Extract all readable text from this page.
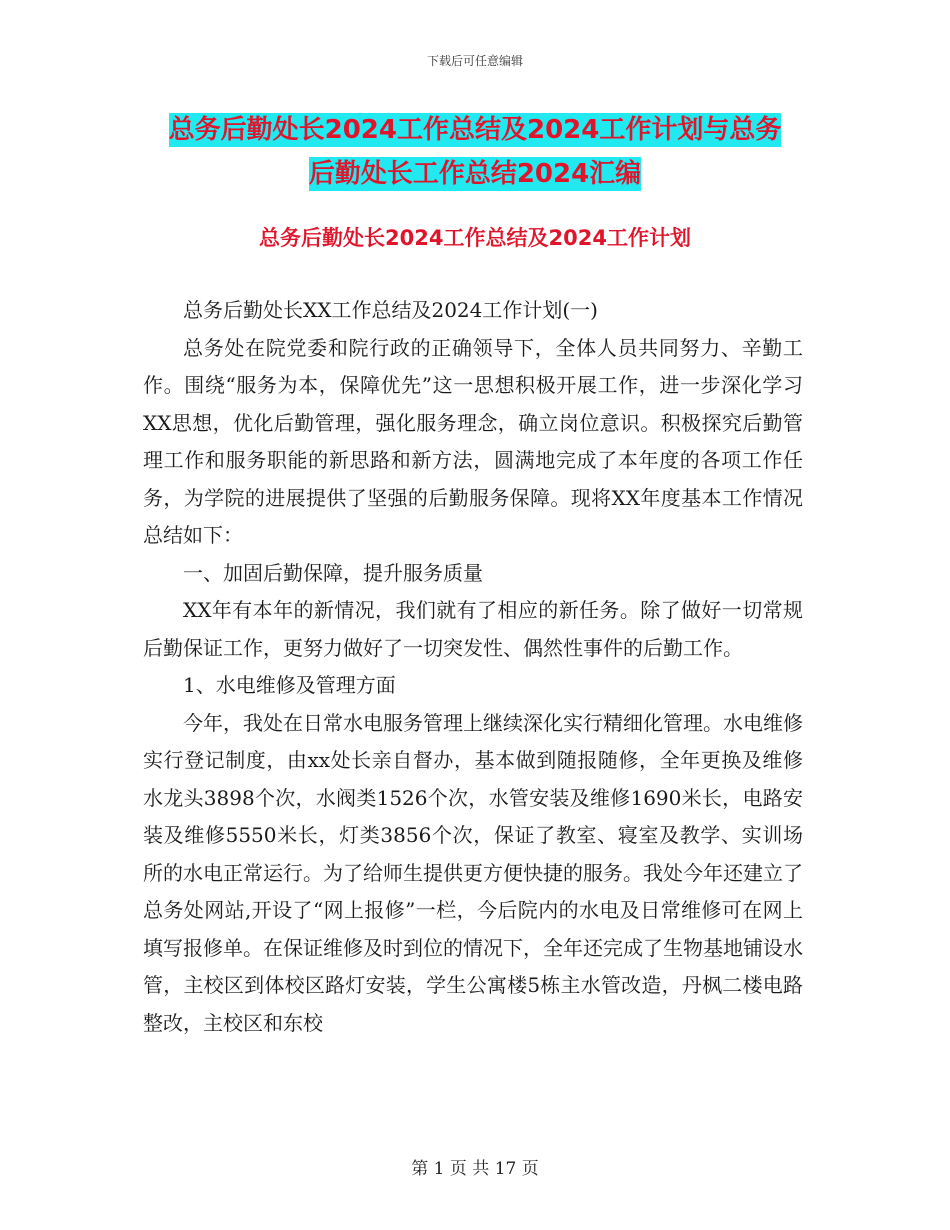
下载后可任意编辑
总务后勤处长2024工作总结及2024工作计划与总务
后勤处长工作总结2024汇编
总务后勤处长2024工作总结及2024工作计划

总务后勤处长XX工作总结及2024工作计划(一)

总务处在院党委和院行政的正确领导下，全体人员共同努力、辛勤工作。围绕“服务为本，保障优先”这一思想积极开展工作，进一步深化学习XX思想，优化后勤管理，强化服务理念，确立岗位意识。积极探究后勤管理工作和服务职能的新思路和新方法，圆满地完成了本年度的各项工作任务，为学院的进展提供了坚强的后勤服务保障。现将XX年度基本工作情况总结如下：

一、加固后勤保障，提升服务质量

XX年有本年的新情况，我们就有了相应的新任务。除了做好一切常规后勤保证工作，更努力做好了一切突发性、偶然性事件的后勤工作。

1、水电维修及管理方面

今年，我处在日常水电服务管理上继续深化实行精细化管理。水电维修实行登记制度，由xx处长亲自督办，基本做到随报随修，全年更换及维修水龙头3898个次，水阀类1526个次，水管安装及维修1690米长，电路安装及维修5550米长，灯类3856个次，保证了教室、寝室及教学、实训场所的水电正常运行。为了给师生提供更方便快捷的服务。我处今年还建立了总务处网站,开设了“网上报修”一栏，今后院内的水电及日常维修可在网上填写报修单。在保证维修及时到位的情况下，全年还完成了生物基地铺设水管，主校区到体校区路灯安装，学生公寓楼5栋主水管改造，丹枫二楼电路整改，主校区和东校

第 1 页 共 17 页
